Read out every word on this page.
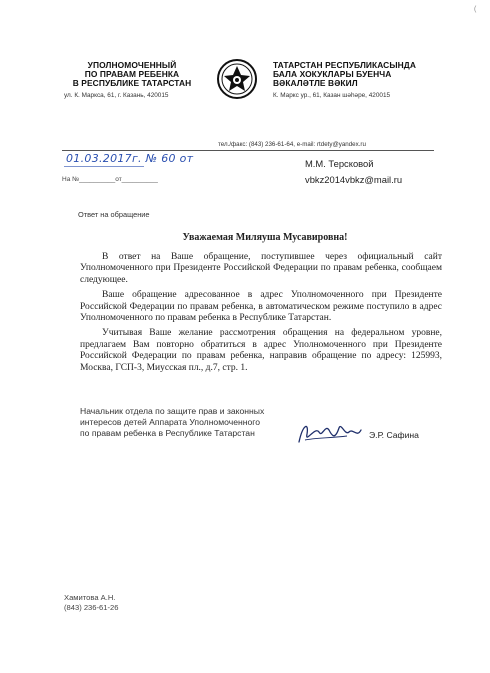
(
УПОЛНОМОЧЕННЫЙ
ПО ПРАВАМ РЕБЕНКА
В РЕСПУБЛИКЕ ТАТАРСТАН
ул. К. Маркса, 61, г. Казань, 420015
ТАТАРСТАН РЕСПУБЛИКАСЫНДА
БАЛА ХОКУКЛАРЫ БУЕНЧА
ВӘКАЛӘТЛЕ ВӘКИЛ
К. Маркс ур., 61, Казан шәһәре, 420015
тел./факс: (843) 236-61-64, e-mail: rtdety@yandex.ru
01.03.2017г. № 60 от
На №__________от__________
М.М. Терсковой
vbkz2014vbkz@mail.ru
Ответ на обращение
Уважаемая Миляуша Мусавировна!

В ответ на Ваше обращение, поступившее через официальный сайт Уполномоченного при Президенте Российской Федерации по правам ребенка, сообщаем следующее.

Ваше обращение адресованное в адрес Уполномоченного при Президенте Российской Федерации по правам ребенка, в автоматическом режиме поступило в адрес Уполномоченного по правам ребенка в Республике Татарстан.

Учитывая Ваше желание рассмотрения обращения на федеральном уровне, предлагаем Вам повторно обратиться в адрес Уполномоченного при Президенте Российской Федерации по правам ребенка, направив обращение по адресу: 125993, Москва, ГСП-3, Миусская пл., д.7, стр. 1.

Начальник отдела по защите прав и законных
интересов детей Аппарата Уполномоченного
по правам ребенка в Республике Татарстан	Э.Р. Сафина
Хамитова А.Н.
(843) 236-61-26
